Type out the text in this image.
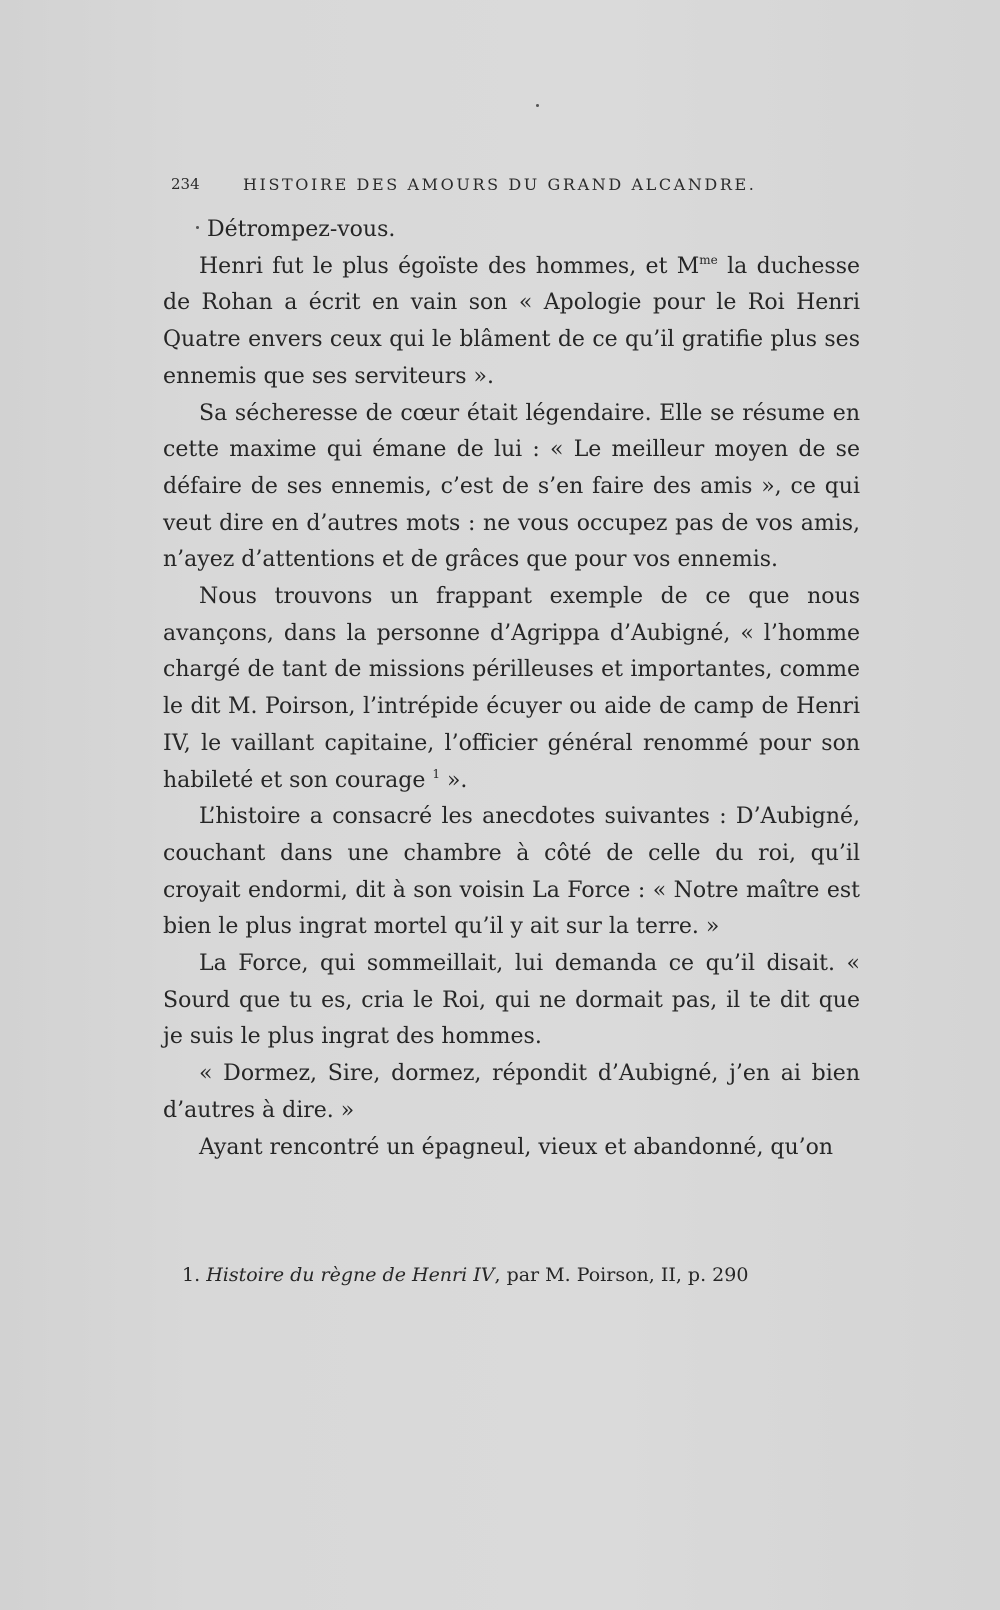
234	HISTOIRE DES AMOURS DU GRAND ALCANDRE.

Détrompez-vous.

Henri fut le plus égoïste des hommes, et $M^{me}$ la duchesse de Rohan a écrit en vain son « Apologie pour le Roi Henri Quatre envers ceux qui le blâment de ce qu’il gratifie plus ses ennemis que ses serviteurs ».

Sa sécheresse de cœur était légendaire. Elle se résume en cette maxime qui émane de lui : « Le meilleur moyen de se défaire de ses ennemis, c’est de s’en faire des amis », ce qui veut dire en d’autres mots : ne vous occupez pas de vos amis, n’ayez d’attentions et de grâces que pour vos ennemis.

Nous trouvons un frappant exemple de ce que nous avançons, dans la personne d’Agrippa d’Aubigné, « l’homme chargé de tant de missions périlleuses et importantes, comme le dit M. Poirson, l’intrépide écuyer ou aide de camp de Henri IV, le vaillant capitaine, l’officier général renommé pour son habileté et son courage $^1$ ».

L’histoire a consacré les anecdotes suivantes : D’Aubigné, couchant dans une chambre à côté de celle du roi, qu’il croyait endormi, dit à son voisin La Force : « Notre maître est bien le plus ingrat mortel qu’il y ait sur la terre. »

La Force, qui sommeillait, lui demanda ce qu’il disait. « Sourd que tu es, cria le Roi, qui ne dormait pas, il te dit que je suis le plus ingrat des hommes.

« Dormez, Sire, dormez, répondit d’Aubigné, j’en ai bien d’autres à dire. »

Ayant rencontré un épagneul, vieux et abandonné, qu’on

1. Histoire du règne de Henri IV, par M. Poirson, II, p. 290
